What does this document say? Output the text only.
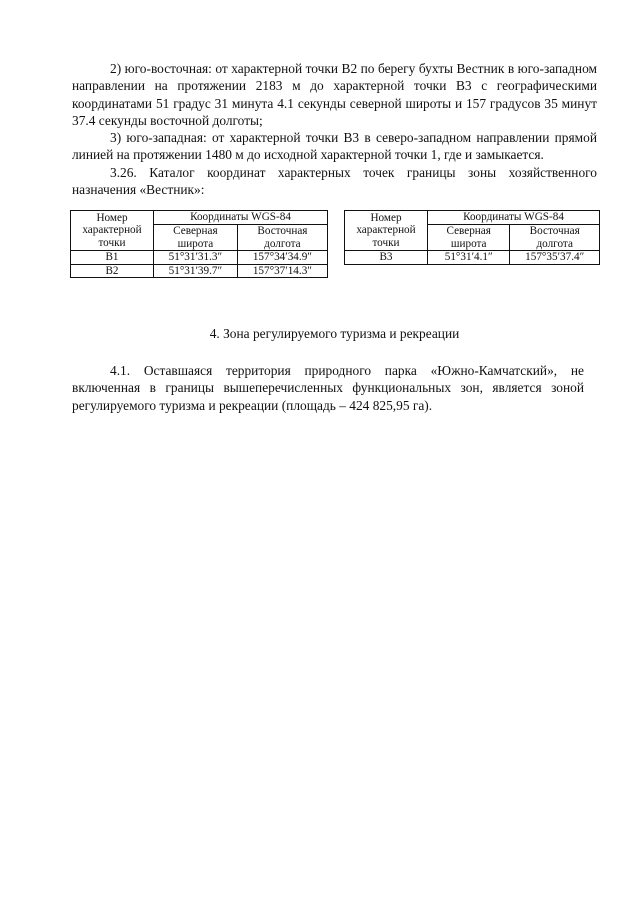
2) юго-восточная: от характерной точки В2 по берегу бухты Вестник в юго-западном направлении на протяжении 2183 м до характерной точки В3 с географическими координатами 51 градус 31 минута 4.1 секунды северной широты и 157 градусов 35 минут 37.4 секунды восточной долготы;

3) юго-западная: от характерной точки В3 в северо-западном направлении прямой линией на протяжении 1480 м до исходной характерной точки 1, где и замыкается.

3.26. Каталог координат характерных точек границы зоны хозяйственного назначения «Вестник»:

Номер характерной точки	Координаты WGS-84	
	Северная широта	Восточная долгота
В1	51°31′31.3″	157°34′34.9″
В2	51°31′39.7″	157°37′14.3″
Номер характерной точки	Координаты WGS-84	
	Северная широта	Восточная долгота
В3	51°31′4.1″	157°35′37.4″

4. Зона регулируемого туризма и рекреации

4.1. Оставшаяся территория природного парка «Южно-Камчатский», не включенная в границы вышеперечисленных функциональных зон, является зоной регулируемого туризма и рекреации (площадь – 424 825,95 га).
